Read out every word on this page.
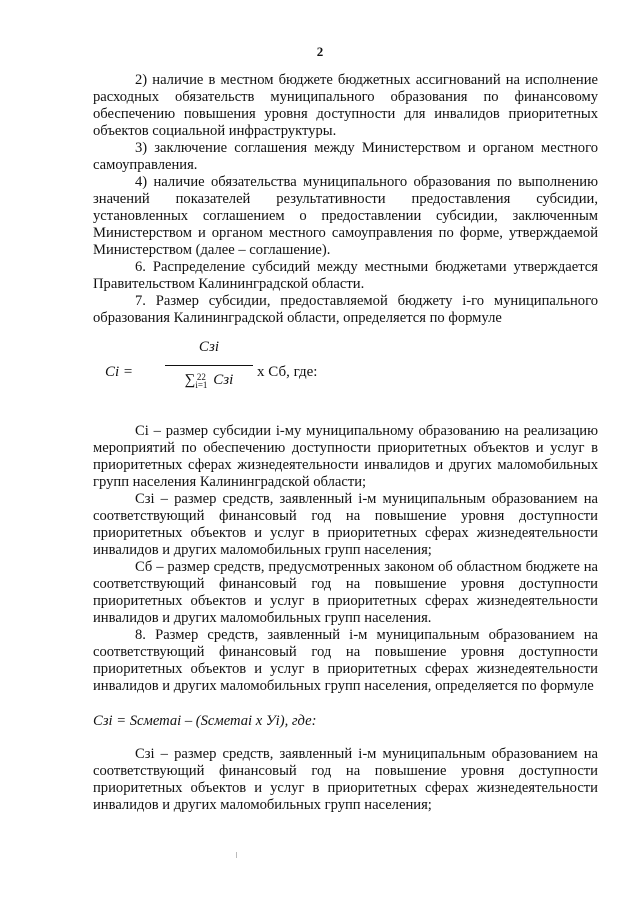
2

2) наличие в местном бюджете бюджетных ассигнований на исполнение расходных обязательств муниципального образования по финансовому обеспечению повышения уровня доступности для инвалидов приоритетных объектов социальной инфраструктуры.

3) заключение соглашения между Министерством и органом местного самоуправления.

4) наличие обязательства муниципального образования по выполнению значений показателей результативности предоставления субсидии, установленных соглашением о предоставлении субсидии, заключенным Министерством и органом местного самоуправления по форме, утверждаемой Министерством (далее – соглашение).

6. Распределение субсидий между местными бюджетами утверждается Правительством Калининградской области.

7. Размер субсидии, предоставляемой бюджету i-го муниципального образования Калининградской области, определяется по формуле

Ci =
Сзi
∑ 22
i=1 Сзi	х Сб, где:

Сi – размер субсидии i-му муниципальному образованию на реализацию мероприятий по обеспечению доступности приоритетных объектов и услуг в приоритетных сферах жизнедеятельности инвалидов и других маломобильных групп населения Калининградской области;

Сзi – размер средств, заявленный i-м муниципальным образованием на соответствующий финансовый год на повышение уровня доступности приоритетных объектов и услуг в приоритетных сферах жизнедеятельности инвалидов и других маломобильных групп населения;

Сб – размер средств, предусмотренных законом об областном бюджете на соответствующий финансовый год на повышение уровня доступности приоритетных объектов и услуг в приоритетных сферах жизнедеятельности инвалидов и других маломобильных групп населения.

8. Размер средств, заявленный i-м муниципальным образованием на соответствующий финансовый год на повышение уровня доступности приоритетных объектов и услуг в приоритетных сферах жизнедеятельности инвалидов и других маломобильных групп населения, определяется по формуле

Сзi = Sсметаi – (Sсметаi х Уi), где:

Сзi – размер средств, заявленный i-м муниципальным образованием на соответствующий финансовый год на повышение уровня доступности приоритетных объектов и услуг в приоритетных сферах жизнедеятельности инвалидов и других маломобильных групп населения;
